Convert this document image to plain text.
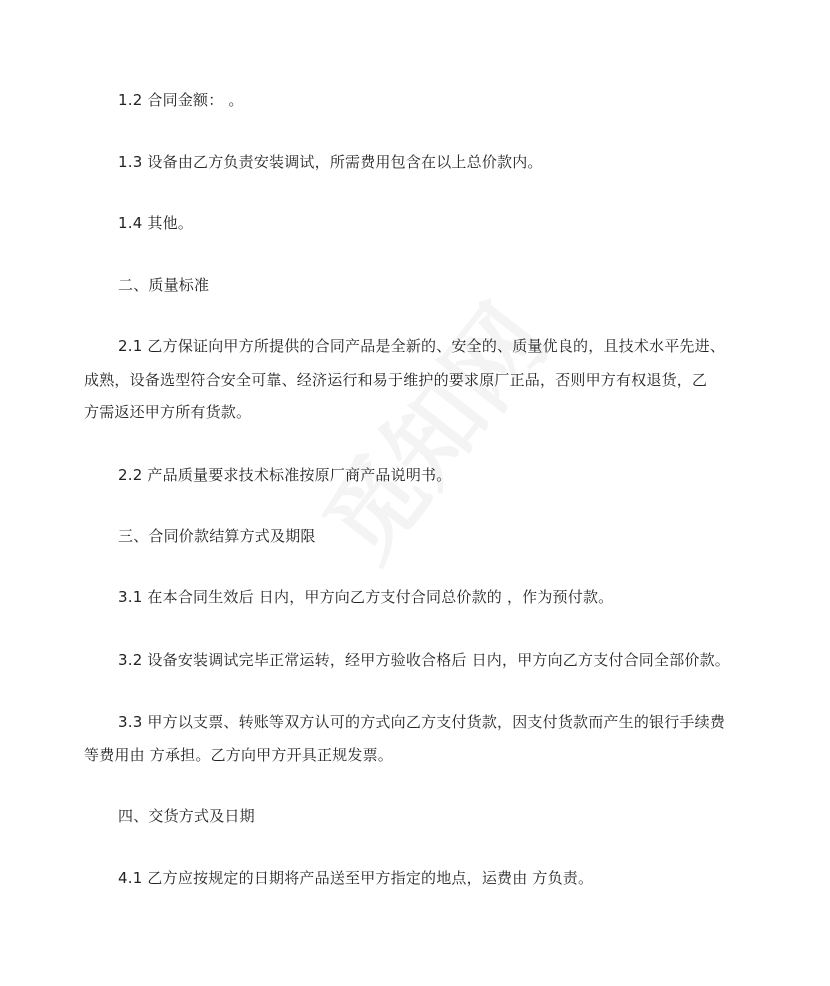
1.2 合同金额： 。

1.3 设备由乙方负责安装调试，所需费用包含在以上总价款内。

1.4 其他。

二、质量标准

2.1 乙方保证向甲方所提供的合同产品是全新的、安全的、质量优良的，且技术水平先进、

成熟，设备选型符合安全可靠、经济运行和易于维护的要求原厂正品，否则甲方有权退货，乙

方需返还甲方所有货款。

2.2 产品质量要求技术标准按原厂商产品说明书。

三、合同价款结算方式及期限

3.1 在本合同生效后 日内，甲方向乙方支付合同总价款的 ，作为预付款。

3.2 设备安装调试完毕正常运转，经甲方验收合格后 日内，甲方向乙方支付合同全部价款。

3.3 甲方以支票、转账等双方认可的方式向乙方支付货款，因支付货款而产生的银行手续费

等费用由 方承担。乙方向甲方开具正规发票。

四、交货方式及日期

4.1 乙方应按规定的日期将产品送至甲方指定的地点，运费由 方负责。
